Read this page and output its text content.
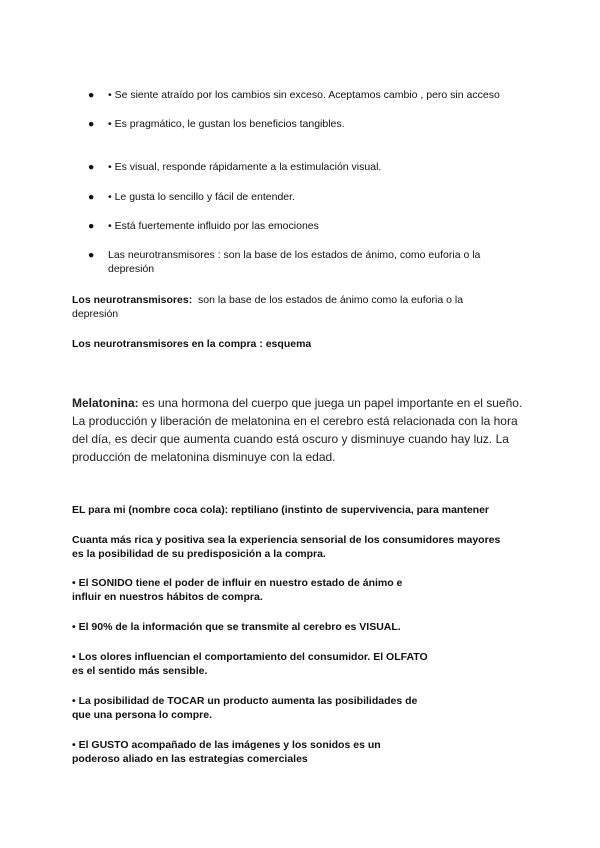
● • Se siente atraído por los cambios sin exceso. Aceptamos cambio , pero sin acceso
● • Es pragmático, le gustan los beneficios tangibles.
● • Es visual, responde rápidamente a la estimulación visual.
● • Le gusta lo sencillo y fácil de entender.
● • Está fuertemente influido por las emociones
● Las neurotransmisores : son la base de los estados de ánimo, como euforia o la
depresión
Los neurotransmisores: son la base de los estados de ánimo como la euforia o la
depresión
Los neurotransmisores en la compra : esquema
Melatonina: es una hormona del cuerpo que juega un papel importante en el sueño.
La producción y liberación de melatonina en el cerebro está relacionada con la hora
del día, es decir que aumenta cuando está oscuro y disminuye cuando hay luz. La
producción de melatonina disminuye con la edad.
EL para mi (nombre coca cola): reptiliano (instinto de supervivencia, para mantener
Cuanta más rica y positiva sea la experiencia sensorial de los consumidores mayores
es la posibilidad de su predisposición a la compra.
• El SONIDO tiene el poder de influir en nuestro estado de ánimo e
influir en nuestros hábitos de compra.
• El 90% de la información que se transmite al cerebro es VISUAL.
• Los olores influencian el comportamiento del consumidor. El OLFATO
es el sentido más sensible.
• La posibilidad de TOCAR un producto aumenta las posibilidades de
que una persona lo compre.
• El GUSTO acompañado de las imágenes y los sonidos es un
poderoso aliado en las estrategias comerciales
